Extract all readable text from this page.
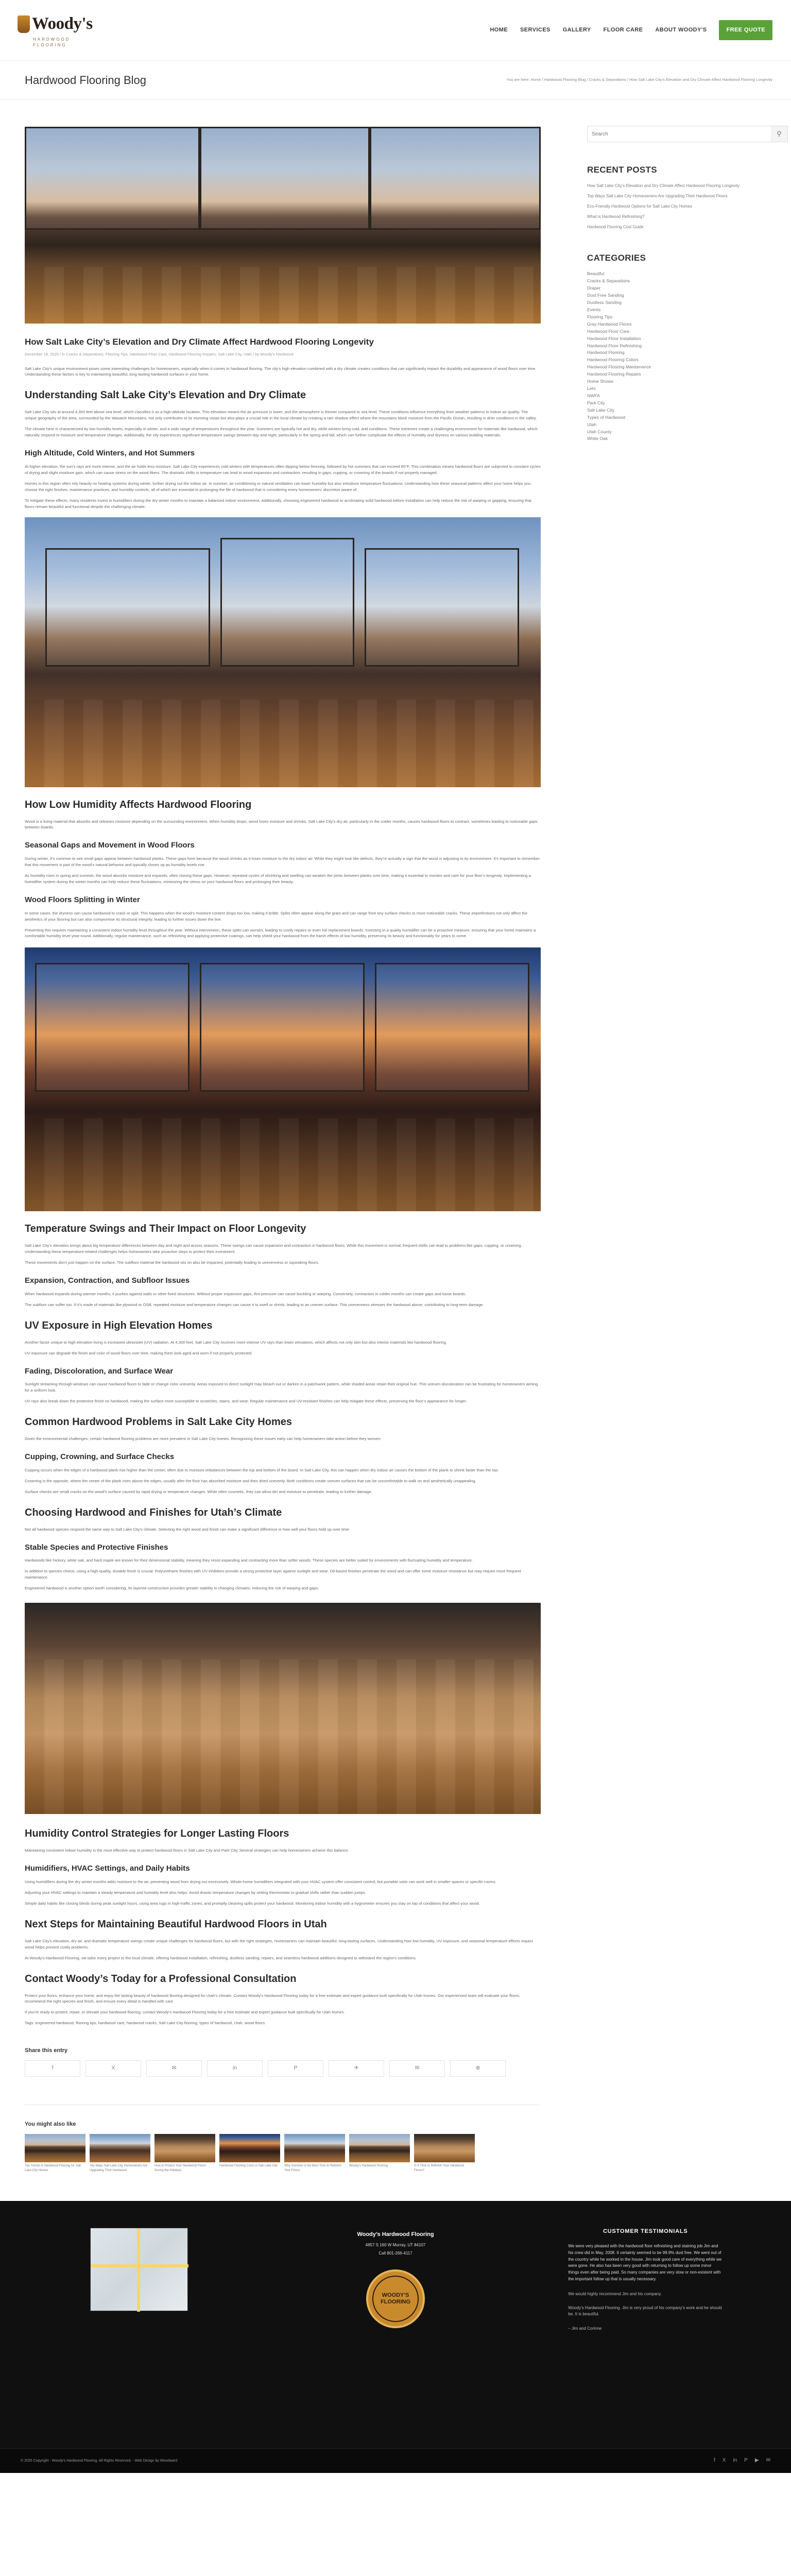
Woody's
HARDWOOD FLOORING
HOME SERVICES GALLERY FLOOR CARE ABOUT WOODY'S	FREE QUOTE
Hardwood Flooring Blog	You are here: Home / Hardwood Flooring Blog / Cracks & Separations / How Salt Lake City’s Elevation and Dry Climate Affect Hardwood Flooring Longevity
How Salt Lake City’s Elevation and Dry Climate Affect Hardwood Flooring Longevity
December 18, 2025 / in Cracks & Separations, Flooring Tips, Hardwood Floor Care, Hardwood Flooring Repairs, Salt Lake City, Utah / by Woody's Hardwood

Salt Lake City’s unique environment poses some interesting challenges for homeowners, especially when it comes to hardwood flooring. The city’s high elevation combined with a dry climate creates conditions that can significantly impact the durability and appearance of wood floors over time. Understanding these factors is key to maintaining beautiful, long-lasting hardwood surfaces in your home.

Understanding Salt Lake City’s Elevation and Dry Climate

Salt Lake City sits at around 4,300 feet above sea level, which classifies it as a high-altitude location. This elevation means the air pressure is lower, and the atmosphere is thinner compared to sea level. These conditions influence everything from weather patterns to indoor air quality. The unique geography of the area, surrounded by the Wasatch Mountains, not only contributes to its stunning vistas but also plays a crucial role in the local climate by creating a rain shadow effect where the mountains block moisture from the Pacific Ocean, resulting in drier conditions in the valley.

The climate here is characterized by low humidity levels, especially in winter, and a wide range of temperatures throughout the year. Summers are typically hot and dry, while winters bring cold, arid conditions. These extremes create a challenging environment for materials like hardwood, which naturally respond to moisture and temperature changes. Additionally, the city experiences significant temperature swings between day and night, particularly in the spring and fall, which can further complicate the effects of humidity and dryness on various building materials.

High Altitude, Cold Winters, and Hot Summers

At higher elevation, the sun’s rays are more intense, and the air holds less moisture. Salt Lake City experiences cold winters with temperatures often dipping below freezing, followed by hot summers that can exceed 90°F. This combination means hardwood floors are subjected to constant cycles of drying and slight moisture gain, which can cause stress on the wood fibers. The dramatic shifts in temperature can lead to wood expansion and contraction, resulting in gaps, cupping, or crowning of the boards if not properly managed.

Homes in this region often rely heavily on heating systems during winter, further drying out the indoor air. In summer, air conditioning or natural ventilation can lower humidity but also introduce temperature fluctuations. Understanding how these seasonal patterns affect your home helps you choose the right finishes, maintenance practices, and humidity controls, all of which are essential to prolonging the life of hardwood that is considering every homeowners’ discretion aware of.

To mitigate these effects, many residents invest in humidifiers during the dry winter months to maintain a balanced indoor environment. Additionally, choosing engineered hardwood or acclimating solid hardwood before installation can help reduce the risk of warping or gapping, ensuring that floors remain beautiful and functional despite the challenging climate.

How Low Humidity Affects Hardwood Flooring

Wood is a living material that absorbs and releases moisture depending on the surrounding environment. When humidity drops, wood loses moisture and shrinks. Salt Lake City’s dry air, particularly in the colder months, causes hardwood floors to contract, sometimes leading to noticeable gaps between boards.

Seasonal Gaps and Movement in Wood Floors

During winter, it’s common to see small gaps appear between hardwood planks. These gaps form because the wood shrinks as it loses moisture to the dry indoor air. While they might look like defects, they’re actually a sign that the wood is adjusting to its environment. It’s important to remember that this movement is part of the wood’s natural behavior and typically closes up as humidity levels rise.

As humidity rises in spring and summer, the wood absorbs moisture and expands, often closing these gaps. However, repeated cycles of shrinking and swelling can weaken the joints between planks over time, making it essential to monitor and care for your floor’s longevity. Implementing a humidifier system during the winter months can help reduce these fluctuations, minimizing the stress on your hardwood floors and prolonging their beauty.

Wood Floors Splitting in Winter

In some cases, the dryness can cause hardwood to crack or split. This happens when the wood’s moisture content drops too low, making it brittle. Splits often appear along the grain and can range from tiny surface checks to more noticeable cracks. These imperfections not only affect the aesthetics of your flooring but can also compromise its structural integrity, leading to further issues down the line.

Preventing this requires maintaining a consistent indoor humidity level throughout the year. Without intervention, these splits can worsen, leading to costly repairs or even full replacement boards. Investing in a quality humidifier can be a proactive measure, ensuring that your home maintains a comfortable humidity level year-round. Additionally, regular maintenance, such as refinishing and applying protective coatings, can help shield your hardwood from the harsh effects of low humidity, preserving its beauty and functionality for years to come.

Temperature Swings and Their Impact on Floor Longevity

Salt Lake City’s elevation brings about big temperature differences between day and night and across seasons. These swings can cause expansion and contraction in hardwood floors. While this movement is normal, frequent shifts can lead to problems like gaps, cupping, or crowning. Understanding these temperature-related challenges helps homeowners take proactive steps to protect their investment.

These movements don’t just happen on the surface. The subfloor material the hardwood sits on also be impacted, potentially leading to unevenness or squeaking floors.

Expansion, Contraction, and Subfloor Issues

When hardwood expands during warmer months, it pushes against walls or other fixed structures. Without proper expansion gaps, this pressure can cause buckling or warping. Conversely, contraction in colder months can create gaps and loose boards.

The subfloor can suffer too. If it’s made of materials like plywood or OSB, repeated moisture and temperature changes can cause it to swell or shrink, leading to an uneven surface. This unevenness stresses the hardwood above, contributing to long-term damage.

UV Exposure in High Elevation Homes

Another factor unique to high elevation living is increased ultraviolet (UV) radiation. At 4,300 feet, Salt Lake City receives more intense UV rays than lower elevations, which affects not only skin but also interior materials like hardwood flooring.

UV exposure can degrade the finish and color of wood floors over time, making them look aged and worn if not properly protected.

Fading, Discoloration, and Surface Wear

Sunlight streaming through windows can cause hardwood floors to fade or change color unevenly. Areas exposed to direct sunlight may bleach out or darken in a patchwork pattern, while shaded areas retain their original hue. This uneven discoloration can be frustrating for homeowners aiming for a uniform look.

UV rays also break down the protective finish on hardwood, making the surface more susceptible to scratches, stains, and wear. Regular maintenance and UV-resistant finishes can help mitigate these effects, preserving the floor’s appearance for longer.

Common Hardwood Problems in Salt Lake City Homes

Given the environmental challenges, certain hardwood flooring problems are more prevalent in Salt Lake City homes. Recognizing these issues early can help homeowners take action before they worsen.

Cupping, Crowning, and Surface Checks

Cupping occurs when the edges of a hardwood plank rise higher than the center, often due to moisture imbalances between the top and bottom of the board. In Salt Lake City, this can happen when dry indoor air causes the bottom of the plank to shrink faster than the top.

Crowning is the opposite, where the center of the plank rises above the edges, usually after the floor has absorbed moisture and then dried unevenly. Both conditions create uneven surfaces that can be uncomfortable to walk on and aesthetically unappealing.

Surface checks are small cracks on the wood’s surface caused by rapid drying or temperature changes. While often cosmetic, they can allow dirt and moisture to penetrate, leading to further damage.

Choosing Hardwood and Finishes for Utah’s Climate

Not all hardwood species respond the same way to Salt Lake City’s climate. Selecting the right wood and finish can make a significant difference in how well your floors hold up over time.

Stable Species and Protective Finishes

Hardwoods like hickory, white oak, and hard maple are known for their dimensional stability, meaning they resist expanding and contracting more than softer woods. These species are better suited for environments with fluctuating humidity and temperature.

In addition to species choice, using a high-quality, durable finish is crucial. Polyurethane finishes with UV inhibitors provide a strong protective layer against sunlight and wear. Oil-based finishes penetrate the wood and can offer some moisture resistance but may require more frequent maintenance.

Engineered hardwood is another option worth considering. Its layered construction provides greater stability in changing climates, reducing the risk of warping and gaps.

Humidity Control Strategies for Longer Lasting Floors

Maintaining consistent indoor humidity is the most effective way to protect hardwood floors in Salt Lake City and Park City. Several strategies can help homeowners achieve this balance.

Humidifiers, HVAC Settings, and Daily Habits

Using humidifiers during the dry winter months adds moisture to the air, preventing wood from drying out excessively. Whole-home humidifiers integrated with your HVAC system offer consistent control, but portable units can work well in smaller spaces or specific rooms.

Adjusting your HVAC settings to maintain a steady temperature and humidity level also helps. Avoid drastic temperature changes by setting thermostats to gradual shifts rather than sudden jumps.

Simple daily habits like closing blinds during peak sunlight hours, using area rugs in high-traffic zones, and promptly cleaning spills protect your hardwood. Monitoring indoor humidity with a hygrometer ensures you stay on top of conditions that affect your wood.

Next Steps for Maintaining Beautiful Hardwood Floors in Utah

Salt Lake City’s elevation, dry air, and dramatic temperature swings create unique challenges for hardwood floors, but with the right strategies, homeowners can maintain beautiful, long-lasting surfaces. Understanding how low humidity, UV exposure, and seasonal temperature effects impact wood helps prevent costly problems.

At Woody’s Hardwood Flooring, we tailor every project to the local climate, offering hardwood installation, refinishing, dustless sanding, repairs, and seamless hardwood additions designed to withstand the region’s conditions.

Contact Woody’s Today for a Professional Consultation

Protect your floors, enhance your home, and enjoy the lasting beauty of hardwood flooring designed for Utah’s climate. Contact Woody’s Hardwood Flooring today for a free estimate and expert guidance built specifically for Utah homes. Our experienced team will evaluate your floors, recommend the right species and finish, and ensure every detail is handled with care.

If you’re ready to protect, repair, or elevate your hardwood flooring, contact Woody’s Hardwood Flooring today for a free estimate and expert guidance built specifically for Utah homes.

Tags: engineered hardwood, flooring tips, hardwood care, hardwood cracks, Salt Lake City flooring, types of hardwood, Utah, wood floors

Share this entry
f	X	✉	in	P	✈	✉	⊕
You might also like
Top Trends in Hardwood Flooring for Salt Lake City Homes
Top Ways Salt Lake City Homeowners Are Upgrading Their Hardwood
How to Protect Your Hardwood Floors During the Holidays
Hardwood Flooring Costs in Salt Lake City	Why Summer is the Best Time to Refinish Your Floors
Woody's Hardwood Flooring	Is It Time to Refinish Your Hardwood Floors?
Search
⚲
RECENT POSTS
How Salt Lake City’s Elevation and Dry Climate Affect Hardwood Flooring Longevity
Top Ways Salt Lake City Homeowners Are Upgrading Their Hardwood Floors
Eco-Friendly Hardwood Options for Salt Lake City Homes
What is Hardwood Refinishing?
Hardwood Flooring Cost Guide
CATEGORIES
Beautiful
Cracks & Separations
Draper
Dust Free Sanding
Dustless Sanding
Events
Flooring Tips
Gray Hardwood Floors
Hardwood Floor Care
Hardwood Floor Installation
Hardwood Floor Refinishing
Hardwood Flooring
Hardwood Flooring Colors
Hardwood Flooring Maintenance
Hardwood Flooring Repairs
Home Shows
Lehi
NWFA
Park City
Salt Lake City
Types of Hardwood
Utah
Utah County
White Oak
Woody’s Hardwood Flooring
4857 S 160 W Murray, UT 84107
Call 801-266-4117
WOODY'S FLOORING
CUSTOMER TESTIMONIALS
We were very pleased with the hardwood floor refinishing and staining job Jim and his crew did in May, 2008. It certainly seemed to be 99.9% dust free. We went out of the country while he worked in the house. Jim took good care of everything while we were gone. He also has been very good with returning to follow up some minor things even after being paid. So many companies are very slow or non-existent with the important follow up that is usually necessary.
We would highly recommend Jim and his company.
Woody’s Hardwood Flooring. Jim is very proud of his company’s work and he should be. It is beautiful.
– Jim and Corinne
© 2025 Copyright - Woody's Hardwood Flooring. All Rights Reserved. - Web Design by Woodward	f X in P ▶ ✉
